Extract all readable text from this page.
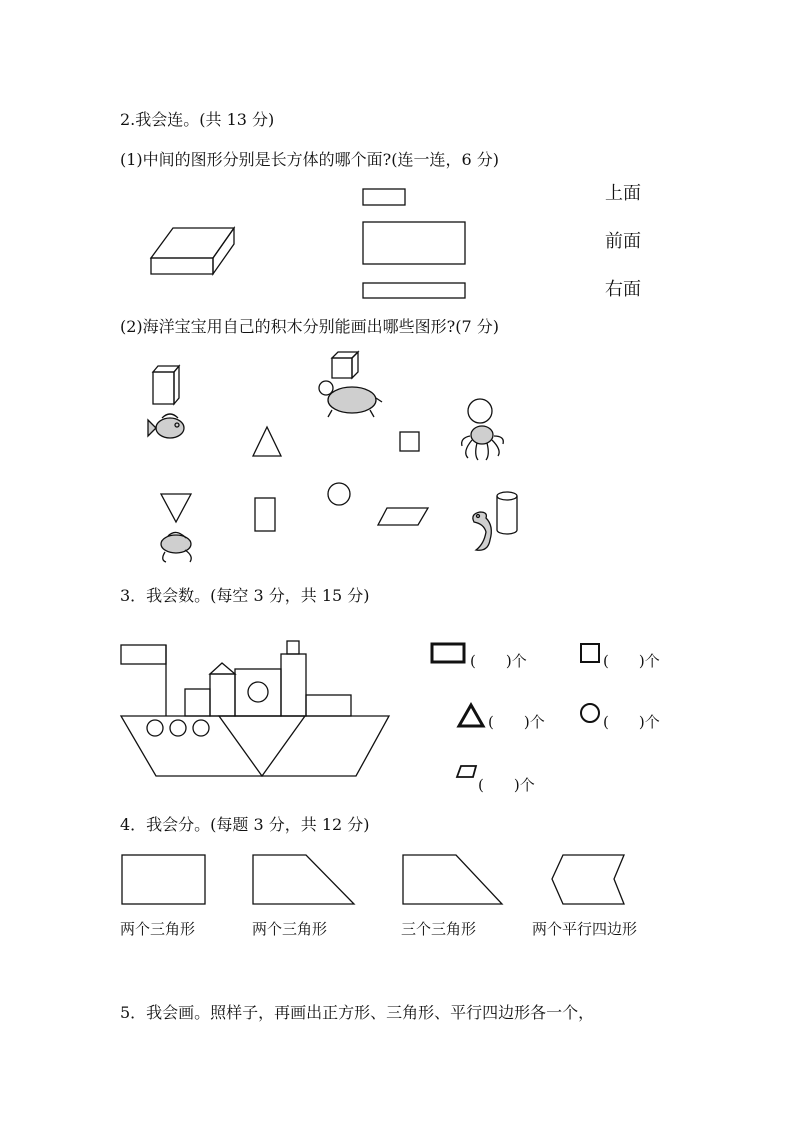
2.我会连。(共 13 分)
(1)中间的图形分别是长方体的哪个面?(连一连，6 分)
上面
前面
右面
(2)海洋宝宝用自己的积木分别能画出哪些图形?(7 分)
3．我会数。(每空 3 分，共 15 分)
(　　)个	(　　)个
(　　)个	(　　)个
(　　)个
4．我会分。(每题 3 分，共 12 分)
两个三角形	两个三角形	三个三角形	两个平行四边形
5．我会画。照样子，再画出正方形、三角形、平行四边形各一个，
